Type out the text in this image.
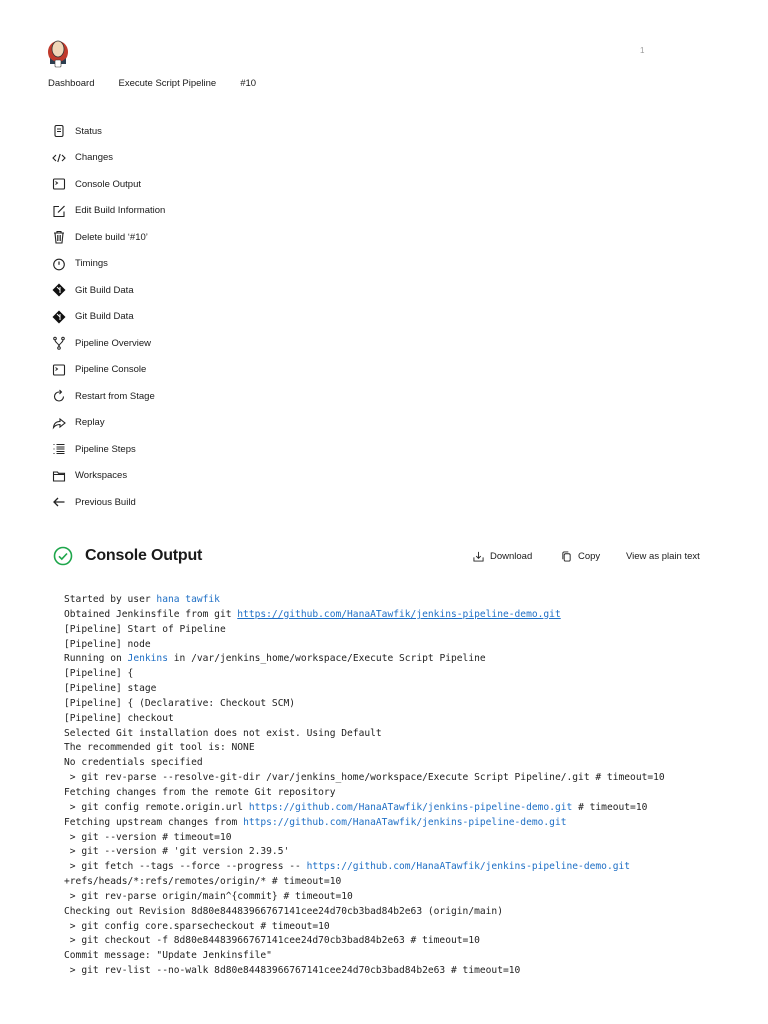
1
Dashboard	Execute Script Pipeline	#10
Status
Changes
Console Output
Edit Build Information
Delete build ‘#10’
Timings
Git Build Data
Git Build Data
Pipeline Overview
Pipeline Console
Restart from Stage
Replay
Pipeline Steps
Workspaces
Previous Build
Console Output	Download	Copy	View as plain text
Started by user hana tawfik
Obtained Jenkinsfile from git https://github.com/HanaATawfik/jenkins-pipeline-demo.git
[Pipeline] Start of Pipeline
[Pipeline] node
Running on Jenkins in /var/jenkins_home/workspace/Execute Script Pipeline
[Pipeline] {
[Pipeline] stage
[Pipeline] { (Declarative: Checkout SCM)
[Pipeline] checkout
Selected Git installation does not exist. Using Default
The recommended git tool is: NONE
No credentials specified
> git rev-parse --resolve-git-dir /var/jenkins_home/workspace/Execute Script Pipeline/.git # timeout=10
Fetching changes from the remote Git repository
> git config remote.origin.url https://github.com/HanaATawfik/jenkins-pipeline-demo.git # timeout=10
Fetching upstream changes from https://github.com/HanaATawfik/jenkins-pipeline-demo.git
> git --version # timeout=10
> git --version # 'git version 2.39.5'
> git fetch --tags --force --progress -- https://github.com/HanaATawfik/jenkins-pipeline-demo.git
+refs/heads/*:refs/remotes/origin/* # timeout=10
> git rev-parse origin/main^{commit} # timeout=10
Checking out Revision 8d80e84483966767141cee24d70cb3bad84b2e63 (origin/main)
> git config core.sparsecheckout # timeout=10
> git checkout -f 8d80e84483966767141cee24d70cb3bad84b2e63 # timeout=10
Commit message: "Update Jenkinsfile"
> git rev-list --no-walk 8d80e84483966767141cee24d70cb3bad84b2e63 # timeout=10
